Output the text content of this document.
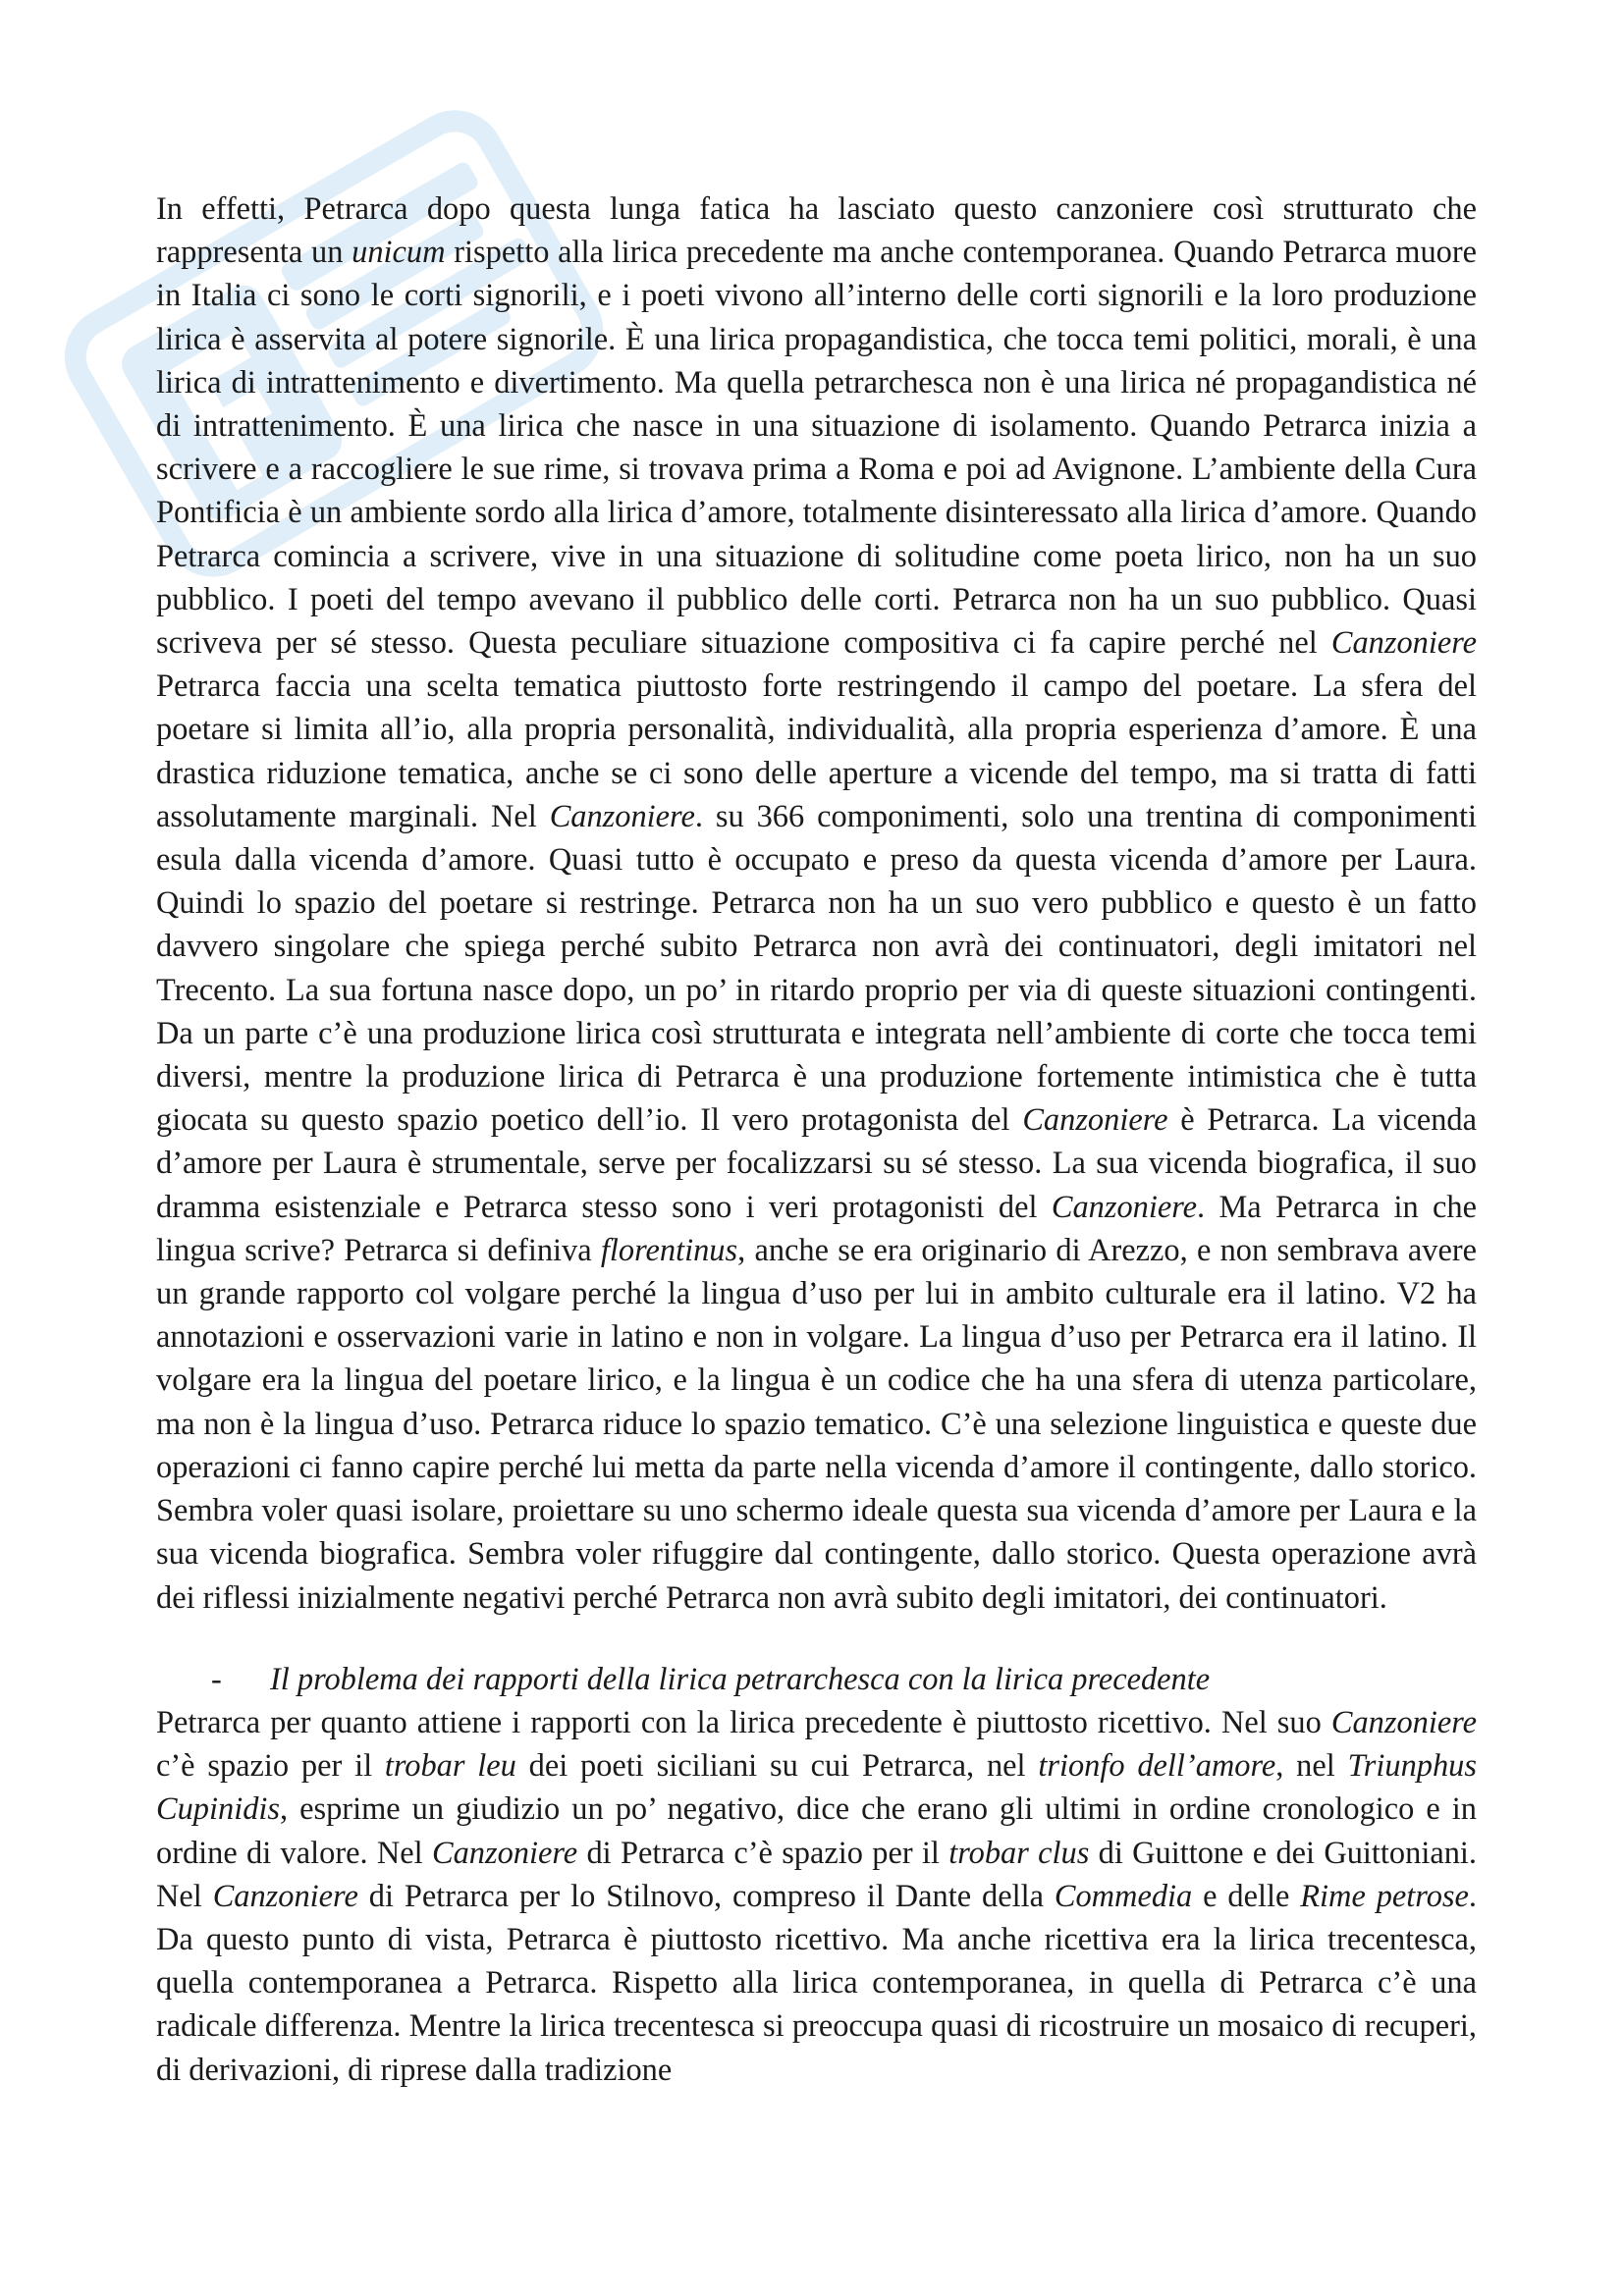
In effetti, Petrarca dopo questa lunga fatica ha lasciato questo canzoniere così strutturato che rappresenta un unicum rispetto alla lirica precedente ma anche contemporanea. Quando Petrarca muore in Italia ci sono le corti signorili, e i poeti vivono all’interno delle corti signorili e la loro produzione lirica è asservita al potere signorile. È una lirica propagandistica, che tocca temi politici, morali, è una lirica di intrattenimento e divertimento. Ma quella petrarchesca non è una lirica né propagandistica né di intrattenimento. È una lirica che nasce in una situazione di isolamento. Quando Petrarca inizia a scrivere e a raccogliere le sue rime, si trovava prima a Roma e poi ad Avignone. L’ambiente della Cura Pontificia è un ambiente sordo alla lirica d’amore, totalmente disinteressato alla lirica d’amore. Quando Petrarca comincia a scrivere, vive in una situazione di solitudine come poeta lirico, non ha un suo pubblico. I poeti del tempo avevano il pubblico delle corti. Petrarca non ha un suo pubblico. Quasi scriveva per sé stesso. Questa peculiare situazione compositiva ci fa capire perché nel Canzoniere Petrarca faccia una scelta tematica piuttosto forte restringendo il campo del poetare. La sfera del poetare si limita all’io, alla propria personalità, individualità, alla propria esperienza d’amore. È una drastica riduzione tematica, anche se ci sono delle aperture a vicende del tempo, ma si tratta di fatti assolutamente marginali. Nel Canzoniere. su 366 componimenti, solo una trentina di componimenti esula dalla vicenda d’amore. Quasi tutto è occupato e preso da questa vicenda d’amore per Laura. Quindi lo spazio del poetare si restringe. Petrarca non ha un suo vero pubblico e questo è un fatto davvero singolare che spiega perché subito Petrarca non avrà dei continuatori, degli imitatori nel Trecento. La sua fortuna nasce dopo, un po’ in ritardo proprio per via di queste situazioni contingenti. Da un parte c’è una produzione lirica così strutturata e integrata nell’ambiente di corte che tocca temi diversi, mentre la produzione lirica di Petrarca è una produzione fortemente intimistica che è tutta giocata su questo spazio poetico dell’io. Il vero protagonista del Canzoniere è Petrarca. La vicenda d’amore per Laura è strumentale, serve per focalizzarsi su sé stesso. La sua vicenda biografica, il suo dramma esistenziale e Petrarca stesso sono i veri protagonisti del Canzoniere. Ma Petrarca in che lingua scrive? Petrarca si definiva florentinus, anche se era originario di Arezzo, e non sembrava avere un grande rapporto col volgare perché la lingua d’uso per lui in ambito culturale era il latino. V2 ha annotazioni e osservazioni varie in latino e non in volgare. La lingua d’uso per Petrarca era il latino. Il volgare era la lingua del poetare lirico, e la lingua è un codice che ha una sfera di utenza particolare, ma non è la lingua d’uso. Petrarca riduce lo spazio tematico. C’è una selezione linguistica e queste due operazioni ci fanno capire perché lui metta da parte nella vicenda d’amore il contingente, dallo storico. Sembra voler quasi isolare, proiettare su uno schermo ideale questa sua vicenda d’amore per Laura e la sua vicenda biografica. Sembra voler rifuggire dal contingente, dallo storico. Questa operazione avrà dei riflessi inizialmente negativi perché Petrarca non avrà subito degli imitatori, dei continuatori.

-	Il problema dei rapporti della lirica petrarchesca con la lirica precedente

Petrarca per quanto attiene i rapporti con la lirica precedente è piuttosto ricettivo. Nel suo Canzoniere c’è spazio per il trobar leu dei poeti siciliani su cui Petrarca, nel trionfo dell’amore, nel Triunphus Cupinidis, esprime un giudizio un po’ negativo, dice che erano gli ultimi in ordine cronologico e in ordine di valore. Nel Canzoniere di Petrarca c’è spazio per il trobar clus di Guittone e dei Guittoniani. Nel Canzoniere di Petrarca per lo Stilnovo, compreso il Dante della Commedia e delle Rime petrose. Da questo punto di vista, Petrarca è piuttosto ricettivo. Ma anche ricettiva era la lirica trecentesca, quella contemporanea a Petrarca. Rispetto alla lirica contemporanea, in quella di Petrarca c’è una radicale differenza. Mentre la lirica trecentesca si preoccupa quasi di ricostruire un mosaico di recuperi, di derivazioni, di riprese dalla tradizione
